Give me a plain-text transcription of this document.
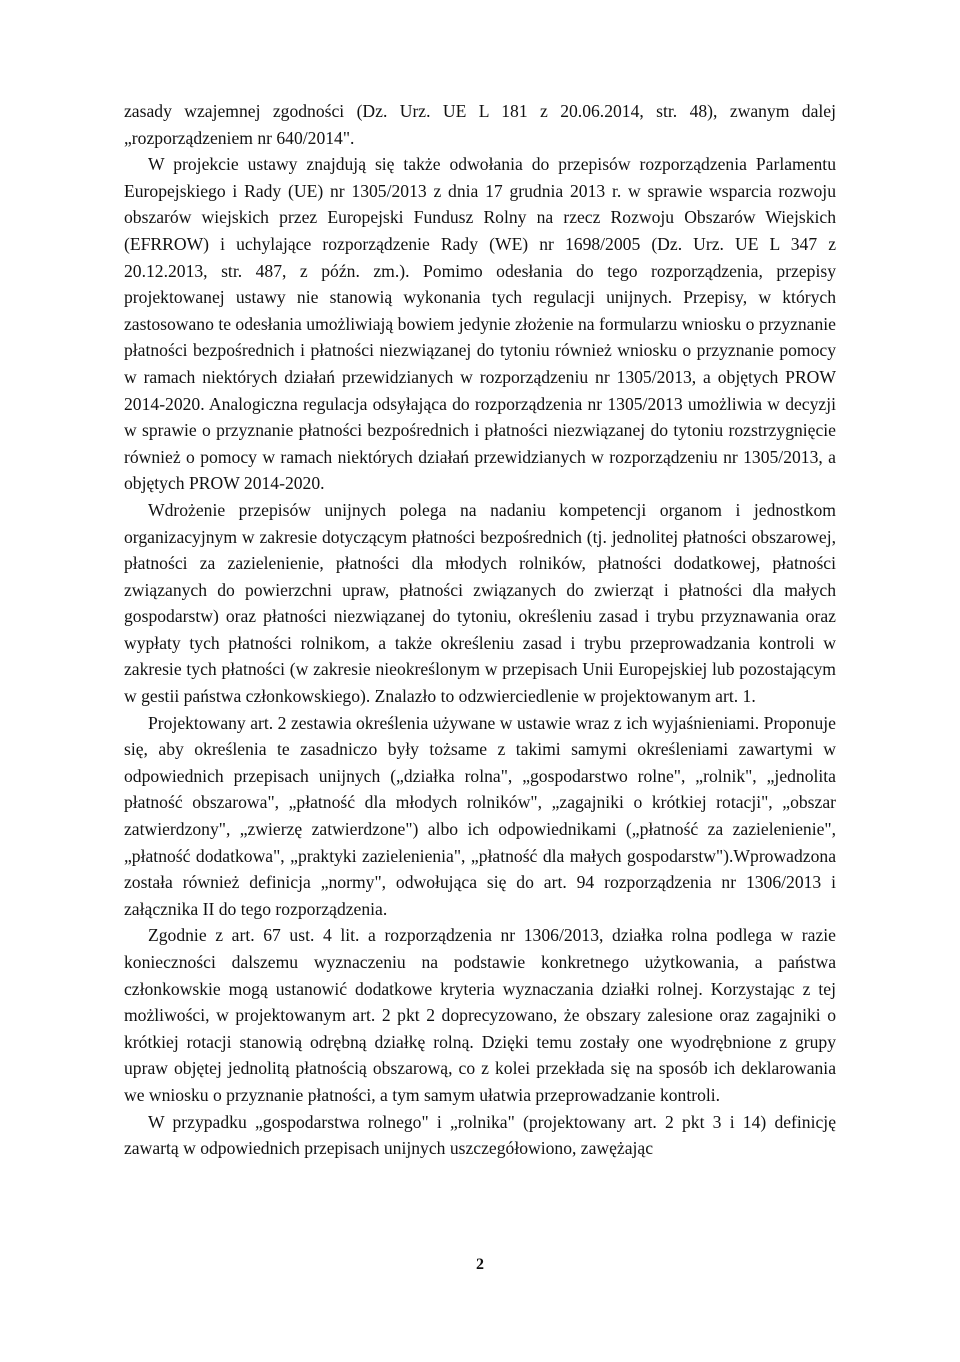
zasady wzajemnej zgodności (Dz. Urz. UE L 181 z 20.06.2014, str. 48), zwanym dalej „rozporządzeniem nr 640/2014".

W projekcie ustawy znajdują się także odwołania do przepisów rozporządzenia Parlamentu Europejskiego i Rady (UE) nr 1305/2013 z dnia 17 grudnia 2013 r. w sprawie wsparcia rozwoju obszarów wiejskich przez Europejski Fundusz Rolny na rzecz Rozwoju Obszarów Wiejskich (EFRROW) i uchylające rozporządzenie Rady (WE) nr 1698/2005 (Dz. Urz. UE L 347 z 20.12.2013, str. 487, z późn. zm.). Pomimo odesłania do tego rozporządzenia, przepisy projektowanej ustawy nie stanowią wykonania tych regulacji unijnych. Przepisy, w których zastosowano te odesłania umożliwiają bowiem jedynie złożenie na formularzu wniosku o przyznanie płatności bezpośrednich i płatności niezwiązanej do tytoniu również wniosku o przyznanie pomocy w ramach niektórych działań przewidzianych w rozporządzeniu nr 1305/2013, a objętych PROW 2014-2020. Analogiczna regulacja odsyłająca do rozporządzenia nr 1305/2013 umożliwia w decyzji w sprawie o przyznanie płatności bezpośrednich i płatności niezwiązanej do tytoniu rozstrzygnięcie również o pomocy w ramach niektórych działań przewidzianych w rozporządzeniu nr 1305/2013, a objętych PROW 2014-2020.

Wdrożenie przepisów unijnych polega na nadaniu kompetencji organom i jednostkom organizacyjnym w zakresie dotyczącym płatności bezpośrednich (tj. jednolitej płatności obszarowej, płatności za zazielenienie, płatności dla młodych rolników, płatności dodatkowej, płatności związanych do powierzchni upraw, płatności związanych do zwierząt i płatności dla małych gospodarstw) oraz płatności niezwiązanej do tytoniu, określeniu zasad i trybu przyznawania oraz wypłaty tych płatności rolnikom, a także określeniu zasad i trybu przeprowadzania kontroli w zakresie tych płatności (w zakresie nieokreślonym w przepisach Unii Europejskiej lub pozostającym w gestii państwa członkowskiego). Znalazło to odzwierciedlenie w projektowanym art. 1.

Projektowany art. 2 zestawia określenia używane w ustawie wraz z ich wyjaśnieniami. Proponuje się, aby określenia te zasadniczo były tożsame z takimi samymi określeniami zawartymi w odpowiednich przepisach unijnych („działka rolna", „gospodarstwo rolne", „rolnik", „jednolita płatność obszarowa", „płatność dla młodych rolników", „zagajniki o krótkiej rotacji", „obszar zatwierdzony", „zwierzę zatwierdzone") albo ich odpowiednikami („płatność za zazielenienie", „płatność dodatkowa", „praktyki zazielenienia", „płatność dla małych gospodarstw").Wprowadzona została również definicja „normy", odwołująca się do art. 94 rozporządzenia nr 1306/2013 i załącznika II do tego rozporządzenia.

Zgodnie z art. 67 ust. 4 lit. a rozporządzenia nr 1306/2013, działka rolna podlega w razie konieczności dalszemu wyznaczeniu na podstawie konkretnego użytkowania, a państwa członkowskie mogą ustanowić dodatkowe kryteria wyznaczania działki rolnej. Korzystając z tej możliwości, w projektowanym art. 2 pkt 2 doprecyzowano, że obszary zalesione oraz zagajniki o krótkiej rotacji stanowią odrębną działkę rolną. Dzięki temu zostały one wyodrębnione z grupy upraw objętej jednolitą płatnością obszarową, co z kolei przekłada się na sposób ich deklarowania we wniosku o przyznanie płatności, a tym samym ułatwia przeprowadzanie kontroli.

W przypadku „gospodarstwa rolnego" i „rolnika" (projektowany art. 2 pkt 3 i 14) definicję zawartą w odpowiednich przepisach unijnych uszczegółowiono, zawężając

2
